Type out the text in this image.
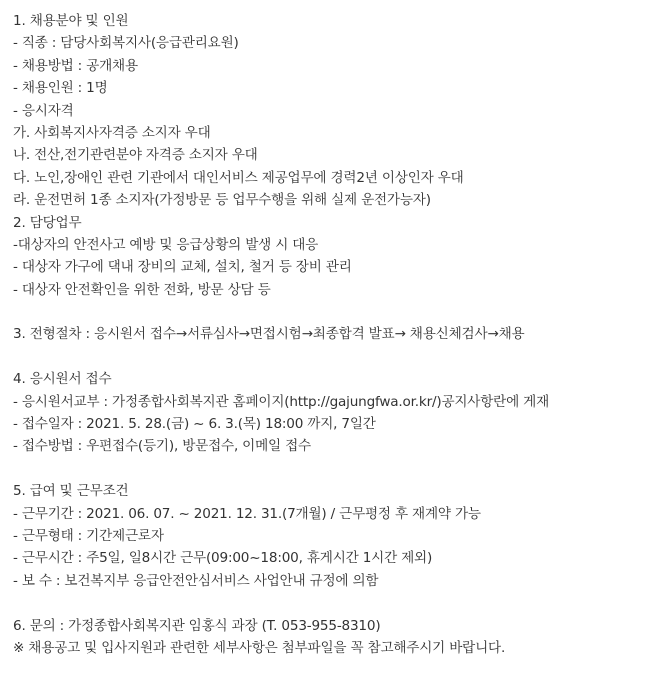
1. 채용분야 및 인원
- 직종 : 담당사회복지사(응급관리요원)
- 채용방법 : 공개채용
- 채용인원 : 1명
- 응시자격
가. 사회복지사자격증 소지자 우대
나. 전산,전기관련분야 자격증 소지자 우대
다. 노인,장애인 관련 기관에서 대인서비스 제공업무에 경력2년 이상인자 우대
라. 운전면허 1종 소지자(가정방문 등 업무수행을 위해 실제 운전가능자)
2. 담당업무
-대상자의 안전사고 예방 및 응급상황의 발생 시 대응
- 대상자 가구에 댁내 장비의 교체, 설치, 철거 등 장비 관리
- 대상자 안전확인을 위한 전화, 방문 상담 등
3. 전형절차 : 응시원서 접수→서류심사→면접시험→최종합격 발표→ 채용신체검사→채용
4. 응시원서 접수
- 응시원서교부 : 가정종합사회복지관 홈페이지(http://gajungfwa.or.kr/)공지사항란에 게재
- 접수일자 : 2021. 5. 28.(금) ~ 6. 3.(목) 18:00 까지, 7일간
- 접수방법 : 우편접수(등기), 방문접수, 이메일 접수
5. 급여 및 근무조건
- 근무기간 : 2021. 06. 07. ~ 2021. 12. 31.(7개월) / 근무평정 후 재계약 가능
- 근무형태 : 기간제근로자
- 근무시간 : 주5일, 일8시간 근무(09:00~18:00, 휴게시간 1시간 제외)
- 보 수 : 보건복지부 응급안전안심서비스 사업안내 규정에 의함
6. 문의 : 가정종합사회복지관 임홍식 과장 (T. 053-955-8310)
※ 채용공고 및 입사지원과 관련한 세부사항은 첨부파일을 꼭 참고해주시기 바랍니다.
